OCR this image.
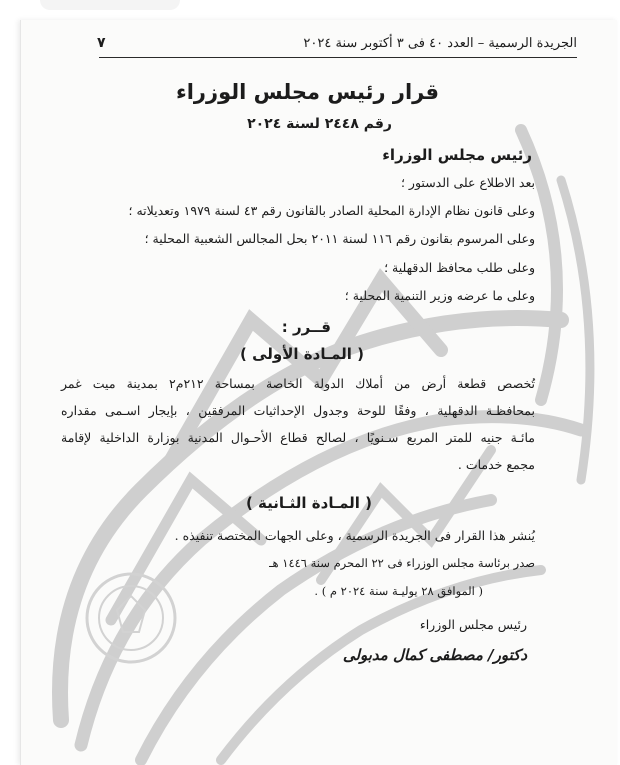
٧	الجريدة الرسمية – العدد ٤٠ فى ٣ أكتوبر سنة ٢٠٢٤
قرار رئيس مجلس الوزراء
رقم ٢٤٤٨ لسنة ٢٠٢٤
رئيس مجلس الوزراء
بعد الاطلاع على الدستور ؛
وعلى قانون نظام الإدارة المحلية الصادر بالقانون رقم ٤٣ لسنة ١٩٧٩ وتعديلاته ؛
وعلى المرسوم بقانون رقم ١١٦ لسنة ٢٠١١ بحل المجالس الشعبية المحلية ؛
وعلى طلب محافظ الدقهلية ؛
وعلى ما عرضه وزير التنمية المحلية ؛
قــرر :
( المـادة الأولى )
تُخصص قطعة أرض من أملاك الدولة الخاصة بمساحة ٢١٢م٢ بمدينة ميت غمر
بمحافظـة الدقهلية ، وفقًا للوحة وجدول الإحداثيات المرفقين ، بإيجار اسـمى مقداره
مائـة جنيه للمتر المربع سـنويًا ، لصالح قطاع الأحـوال المدنية بوزارة الداخلية لإقامة
مجمع خدمات .
( المـادة الثـانية )
يُنشر هذا القرار فى الجريدة الرسمية ، وعلى الجهات المختصة تنفيذه .
صدر برئاسة مجلس الوزراء فى ٢٢ المحرم سنة ١٤٤٦ هـ
( الموافق ٢٨ يوليـة سنة ٢٠٢٤ م ) .
رئيس مجلس الوزراء
دكتور/ مصطفى كمال مدبولى
